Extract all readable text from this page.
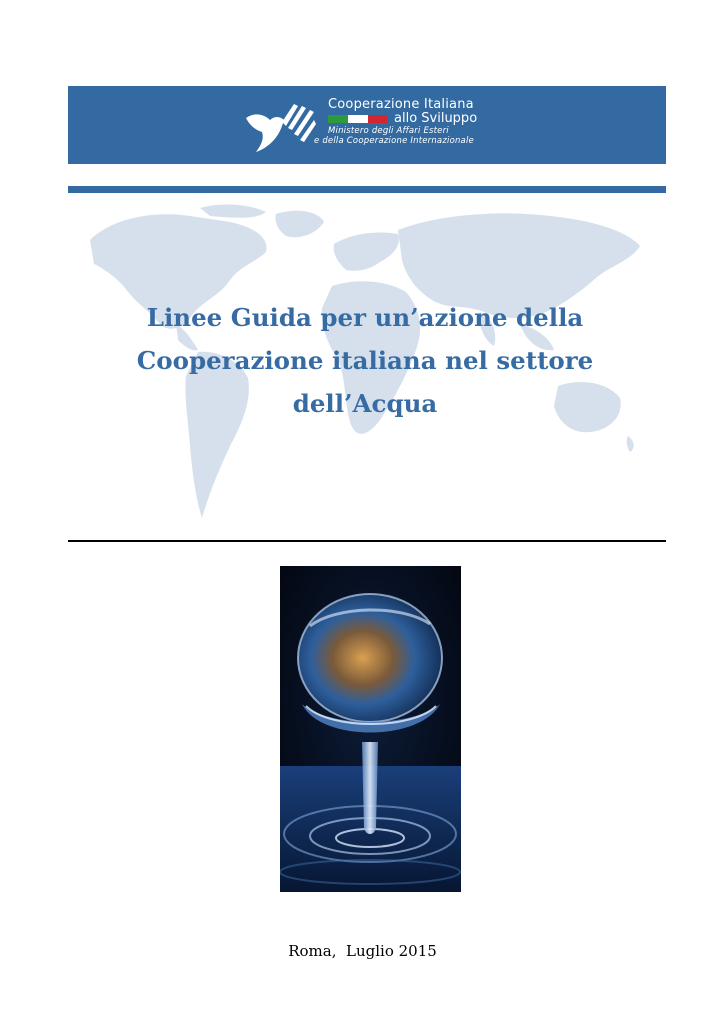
Cooperazione Italiana
allo Sviluppo
Ministero degli Affari Esteri
e della Cooperazione Internazionale
Linee Guida per un’azione della
Cooperazione italiana nel settore
dell’Acqua
Roma,  Luglio 2015
